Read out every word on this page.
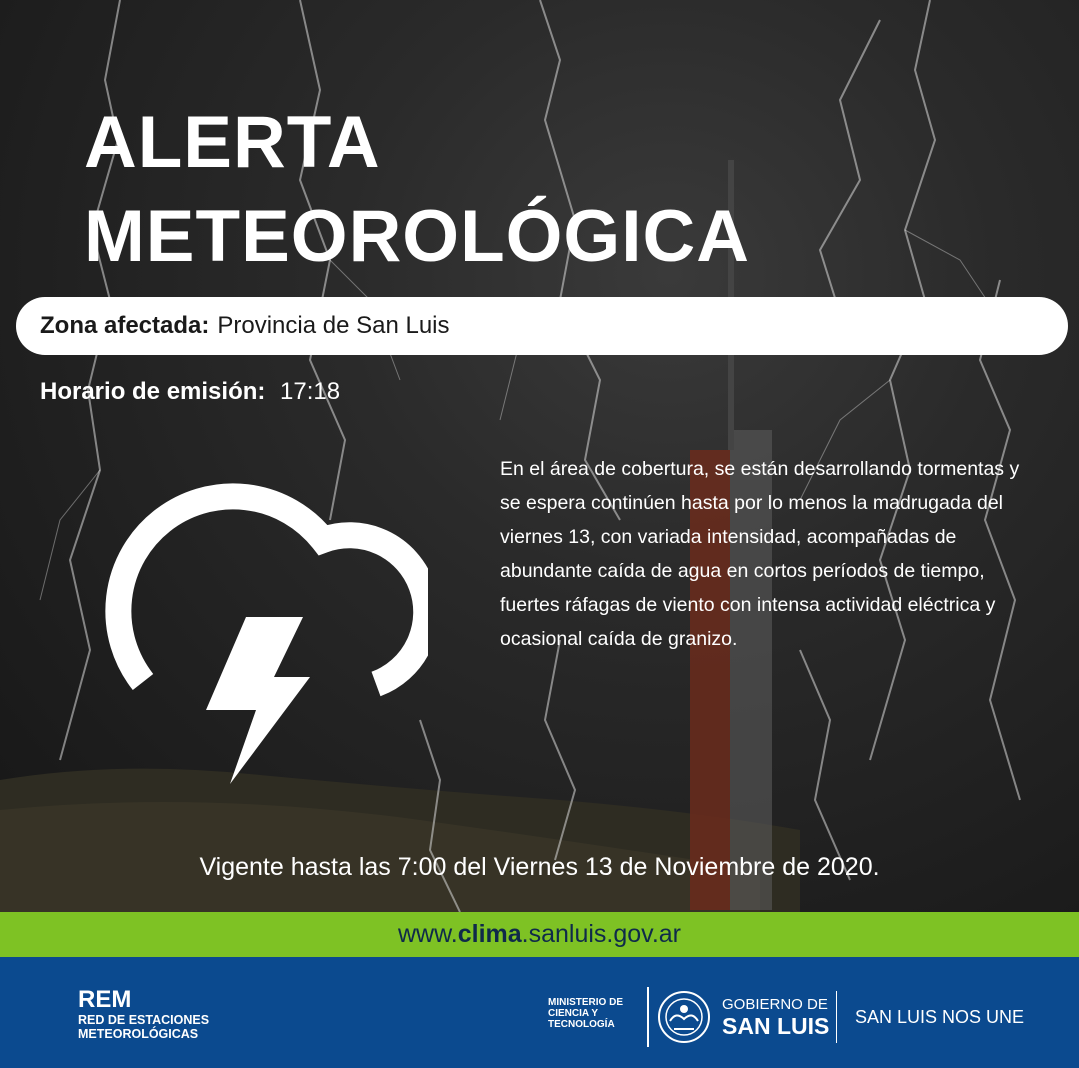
ALERTA
METEOROLÓGICA
Zona afectada: Provincia de San Luis
Horario de emisión: 17:18

En el área de cobertura, se están desarrollando tormentas y se espera continúen hasta por lo menos la madrugada del viernes 13, con variada intensidad, acompañadas de abundante caída de agua en cortos períodos de tiempo, fuertes ráfagas de viento con intensa actividad eléctrica y ocasional caída de granizo.

Vigente hasta las 7:00 del Viernes 13 de Noviembre de 2020.
www.clima.sanluis.gov.ar
REM
RED DE ESTACIONES METEOROLÓGICAS
MINISTERIO DE CIENCIA Y TECNOLOGÍA
GOBIERNO DE
SAN LUIS SAN LUIS NOS UNE
